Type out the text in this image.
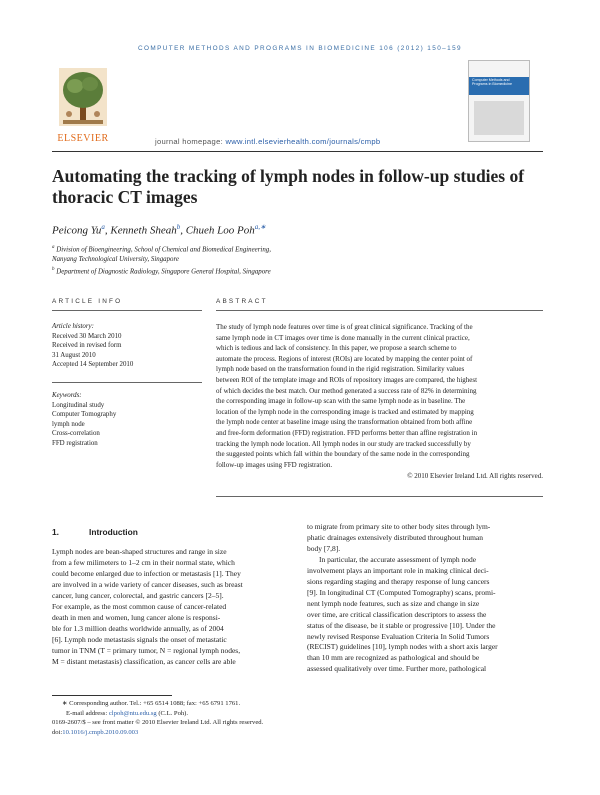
COMPUTER METHODS AND PROGRAMS IN BIOMEDICINE 106 (2012) 150–159
ELSEVIER
Computer Methods and Programs in Biomedicine
journal homepage: www.intl.elsevierhealth.com/journals/cmpb
Automating the tracking of lymph nodes in follow-up studies of thoracic CT images
Peicong Yu$^a$, Kenneth Sheah$^b$, Chueh Loo Poh$^{a,∗}$
$^a$ Division of Bioengineering, School of Chemical and Biomedical Engineering,
Nanyang Technological University, Singapore
$^b$ Department of Diagnostic Radiology, Singapore General Hospital, Singapore
ARTICLE INFO	ABSTRACT
Article history:
Received 30 March 2010
Received in revised form
31 August 2010
Accepted 14 September 2010
Keywords:
Longitudinal study
Computer Tomography
lymph node
Cross-correlation
FFD registration
The study of lymph node features over time is of great clinical significance. Tracking of the
same lymph node in CT images over time is done manually in the current clinical practice,
which is tedious and lack of consistency. In this paper, we propose a search scheme to
automate the process. Regions of interest (ROIs) are located by mapping the center point of
lymph node based on the transformation found in the rigid registration. Similarity values
between ROI of the template image and ROIs of repository images are compared, the highest
of which decides the best match. Our method generated a success rate of 82% in determining
the corresponding image in follow-up scan with the same lymph node as in baseline. The
location of the lymph node in the corresponding image is tracked and estimated by mapping
the lymph node center at baseline image using the transformation obtained from both affine
and free-form deformation (FFD) registration. FFD performs better than affine registration in
tracking the lymph node location. All lymph nodes in our study are tracked successfully by
the suggested points which fall within the boundary of the same node in the corresponding
follow-up images using FFD registration.
© 2010 Elsevier Ireland Ltd. All rights reserved.
1.	Introduction
Lymph nodes are bean-shaped structures and range in size
from a few milimeters to 1–2 cm in their normal state, which
could become enlarged due to infection or metastasis [1]. They
are involved in a wide variety of cancer diseases, such as breast
cancer, lung cancer, colorectal, and gastric cancers [2–5].
For example, as the most common cause of cancer-related
death in men and women, lung cancer alone is responsi-
ble for 1.3 million deaths worldwide annually, as of 2004
[6]. Lymph node metastasis signals the onset of metastatic
tumor in TNM (T = primary tumor, N = regional lymph nodes,
M = distant metastasis) classification, as cancer cells are able
to migrate from primary site to other body sites through lym-
phatic drainages extensively distributed throughout human
body [7,8].
In particular, the accurate assessment of lymph node
involvement plays an important role in making clinical deci-
sions regarding staging and therapy response of lung cancers
[9]. In longitudinal CT (Computed Tomography) scans, promi-
nent lymph node features, such as size and change in size
over time, are critical classification descriptors to assess the
status of the disease, be it stable or progressive [10]. Under the
newly revised Response Evaluation Criteria In Solid Tumors
(RECIST) guidelines [10], lymph nodes with a short axis larger
than 10 mm are recognized as pathological and should be
assessed qualitatively over time. Further more, pathological
∗ Corresponding author. Tel.: +65 6514 1088; fax: +65 6791 1761.
E-mail address: clpoh@ntu.edu.sg (C.L. Poh).
0169-2607/$ – see front matter © 2010 Elsevier Ireland Ltd. All rights reserved.
doi:10.1016/j.cmpb.2010.09.003
